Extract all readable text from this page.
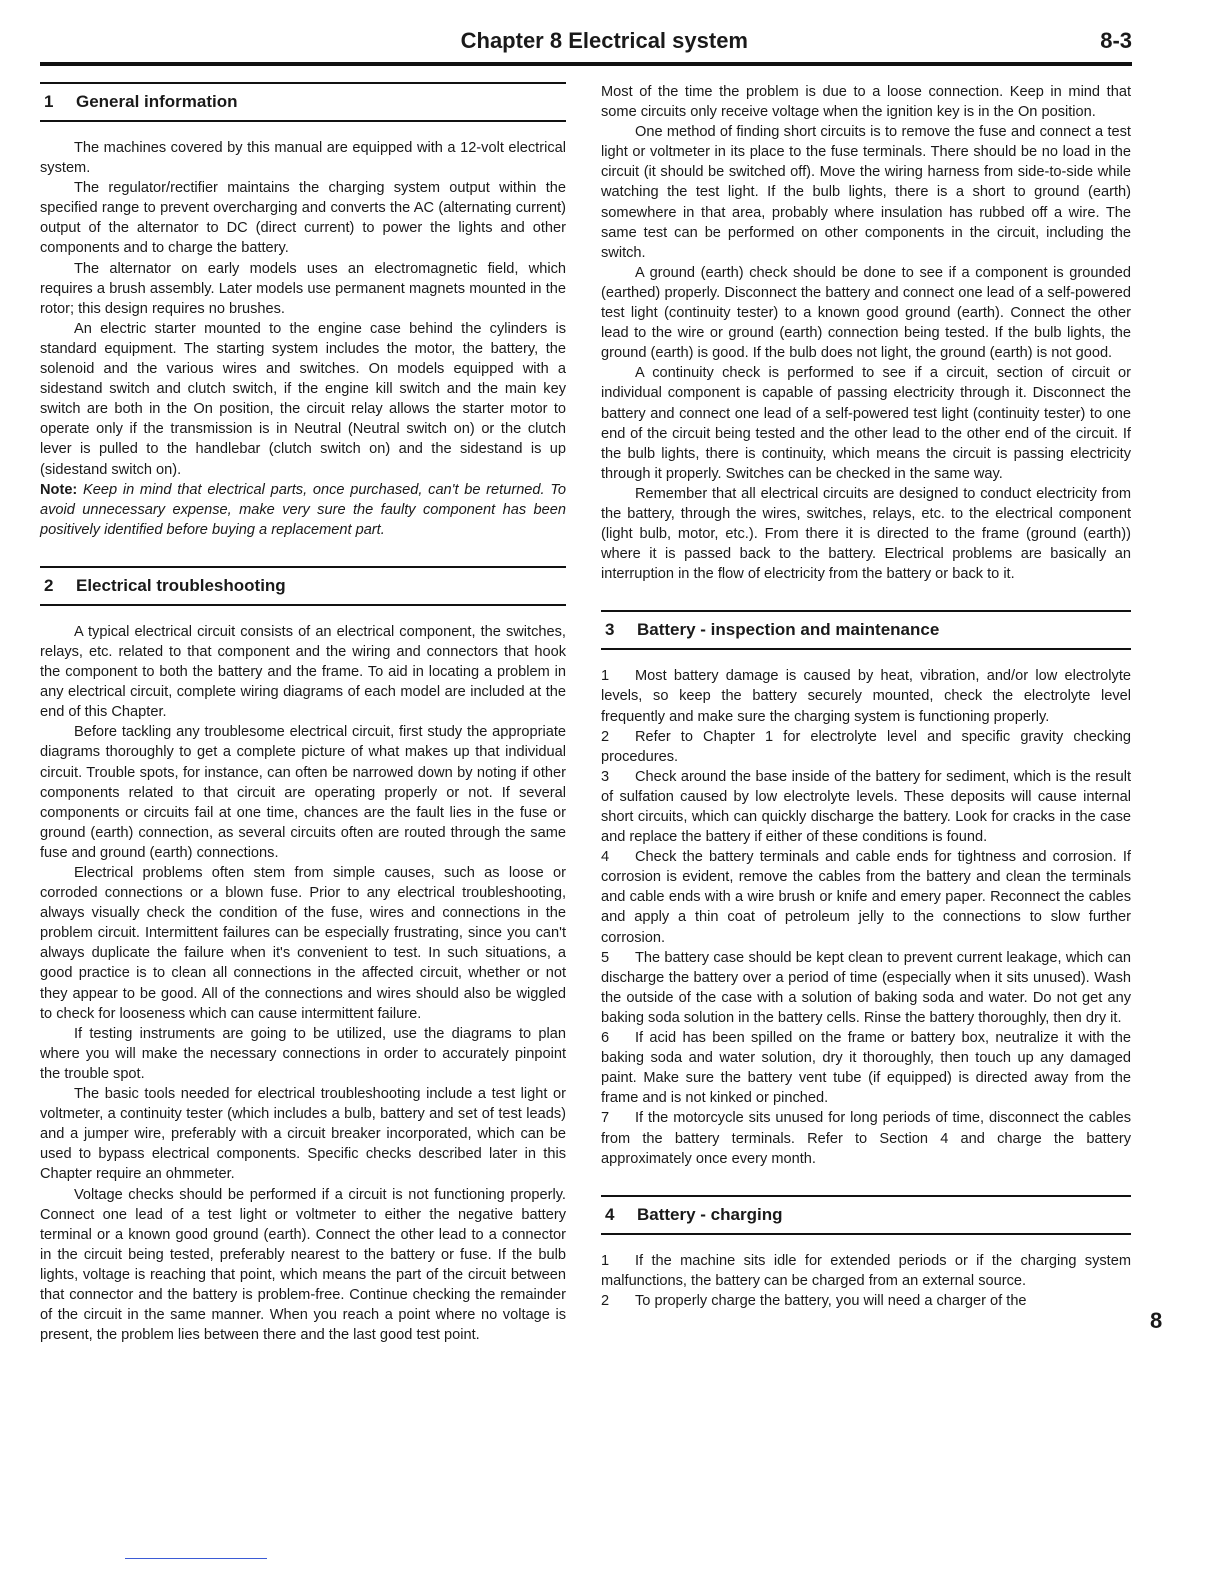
Chapter 8 Electrical system	8-3
1 General information

The machines covered by this manual are equipped with a 12-volt electrical system.

The regulator/rectifier maintains the charging system output within the specified range to prevent overcharging and converts the AC (alternating current) output of the alternator to DC (direct current) to power the lights and other components and to charge the battery.

The alternator on early models uses an electromagnetic field, which requires a brush assembly. Later models use permanent magnets mounted in the rotor; this design requires no brushes.

An electric starter mounted to the engine case behind the cylinders is standard equipment. The starting system includes the motor, the battery, the solenoid and the various wires and switches. On models equipped with a sidestand switch and clutch switch, if the engine kill switch and the main key switch are both in the On position, the circuit relay allows the starter motor to operate only if the transmission is in Neutral (Neutral switch on) or the clutch lever is pulled to the handlebar (clutch switch on) and the sidestand is up (sidestand switch on).

Note: Keep in mind that electrical parts, once purchased, can't be returned. To avoid unnecessary expense, make very sure the faulty component has been positively identified before buying a replacement part.

2 Electrical troubleshooting

A typical electrical circuit consists of an electrical component, the switches, relays, etc. related to that component and the wiring and connectors that hook the component to both the battery and the frame. To aid in locating a problem in any electrical circuit, complete wiring diagrams of each model are included at the end of this Chapter.

Before tackling any troublesome electrical circuit, first study the appropriate diagrams thoroughly to get a complete picture of what makes up that individual circuit. Trouble spots, for instance, can often be narrowed down by noting if other components related to that circuit are operating properly or not. If several components or circuits fail at one time, chances are the fault lies in the fuse or ground (earth) connection, as several circuits often are routed through the same fuse and ground (earth) connections.

Electrical problems often stem from simple causes, such as loose or corroded connections or a blown fuse. Prior to any electrical troubleshooting, always visually check the condition of the fuse, wires and connections in the problem circuit. Intermittent failures can be especially frustrating, since you can't always duplicate the failure when it's convenient to test. In such situations, a good practice is to clean all connections in the affected circuit, whether or not they appear to be good. All of the connections and wires should also be wiggled to check for looseness which can cause intermittent failure.

If testing instruments are going to be utilized, use the diagrams to plan where you will make the necessary connections in order to accurately pinpoint the trouble spot.

The basic tools needed for electrical troubleshooting include a test light or voltmeter, a continuity tester (which includes a bulb, battery and set of test leads) and a jumper wire, preferably with a circuit breaker incorporated, which can be used to bypass electrical components. Specific checks described later in this Chapter require an ohmmeter.

Voltage checks should be performed if a circuit is not functioning properly. Connect one lead of a test light or voltmeter to either the negative battery terminal or a known good ground (earth). Connect the other lead to a connector in the circuit being tested, preferably nearest to the battery or fuse. If the bulb lights, voltage is reaching that point, which means the part of the circuit between that connector and the battery is problem-free. Continue checking the remainder of the circuit in the same manner. When you reach a point where no voltage is present, the problem lies between there and the last good test point.

Most of the time the problem is due to a loose connection. Keep in mind that some circuits only receive voltage when the ignition key is in the On position.

One method of finding short circuits is to remove the fuse and connect a test light or voltmeter in its place to the fuse terminals. There should be no load in the circuit (it should be switched off). Move the wiring harness from side-to-side while watching the test light. If the bulb lights, there is a short to ground (earth) somewhere in that area, probably where insulation has rubbed off a wire. The same test can be performed on other components in the circuit, including the switch.

A ground (earth) check should be done to see if a component is grounded (earthed) properly. Disconnect the battery and connect one lead of a self-powered test light (continuity tester) to a known good ground (earth). Connect the other lead to the wire or ground (earth) connection being tested. If the bulb lights, the ground (earth) is good. If the bulb does not light, the ground (earth) is not good.

A continuity check is performed to see if a circuit, section of circuit or individual component is capable of passing electricity through it. Disconnect the battery and connect one lead of a self-powered test light (continuity tester) to one end of the circuit being tested and the other lead to the other end of the circuit. If the bulb lights, there is continuity, which means the circuit is passing electricity through it properly. Switches can be checked in the same way.

Remember that all electrical circuits are designed to conduct electricity from the battery, through the wires, switches, relays, etc. to the electrical component (light bulb, motor, etc.). From there it is directed to the frame (ground (earth)) where it is passed back to the battery. Electrical problems are basically an interruption in the flow of electricity from the battery or back to it.

3 Battery - inspection and maintenance

1 Most battery damage is caused by heat, vibration, and/or low electrolyte levels, so keep the battery securely mounted, check the electrolyte level frequently and make sure the charging system is functioning properly.

2 Refer to Chapter 1 for electrolyte level and specific gravity checking procedures.

3 Check around the base inside of the battery for sediment, which is the result of sulfation caused by low electrolyte levels. These deposits will cause internal short circuits, which can quickly discharge the battery. Look for cracks in the case and replace the battery if either of these conditions is found.

4 Check the battery terminals and cable ends for tightness and corrosion. If corrosion is evident, remove the cables from the battery and clean the terminals and cable ends with a wire brush or knife and emery paper. Reconnect the cables and apply a thin coat of petroleum jelly to the connections to slow further corrosion.

5 The battery case should be kept clean to prevent current leakage, which can discharge the battery over a period of time (especially when it sits unused). Wash the outside of the case with a solution of baking soda and water. Do not get any baking soda solution in the battery cells. Rinse the battery thoroughly, then dry it.

6 If acid has been spilled on the frame or battery box, neutralize it with the baking soda and water solution, dry it thoroughly, then touch up any damaged paint. Make sure the battery vent tube (if equipped) is directed away from the frame and is not kinked or pinched.

7 If the motorcycle sits unused for long periods of time, disconnect the cables from the battery terminals. Refer to Section 4 and charge the battery approximately once every month.

4 Battery - charging

1 If the machine sits idle for extended periods or if the charging system malfunctions, the battery can be charged from an external source.

2 To properly charge the battery, you will need a charger of the

8
